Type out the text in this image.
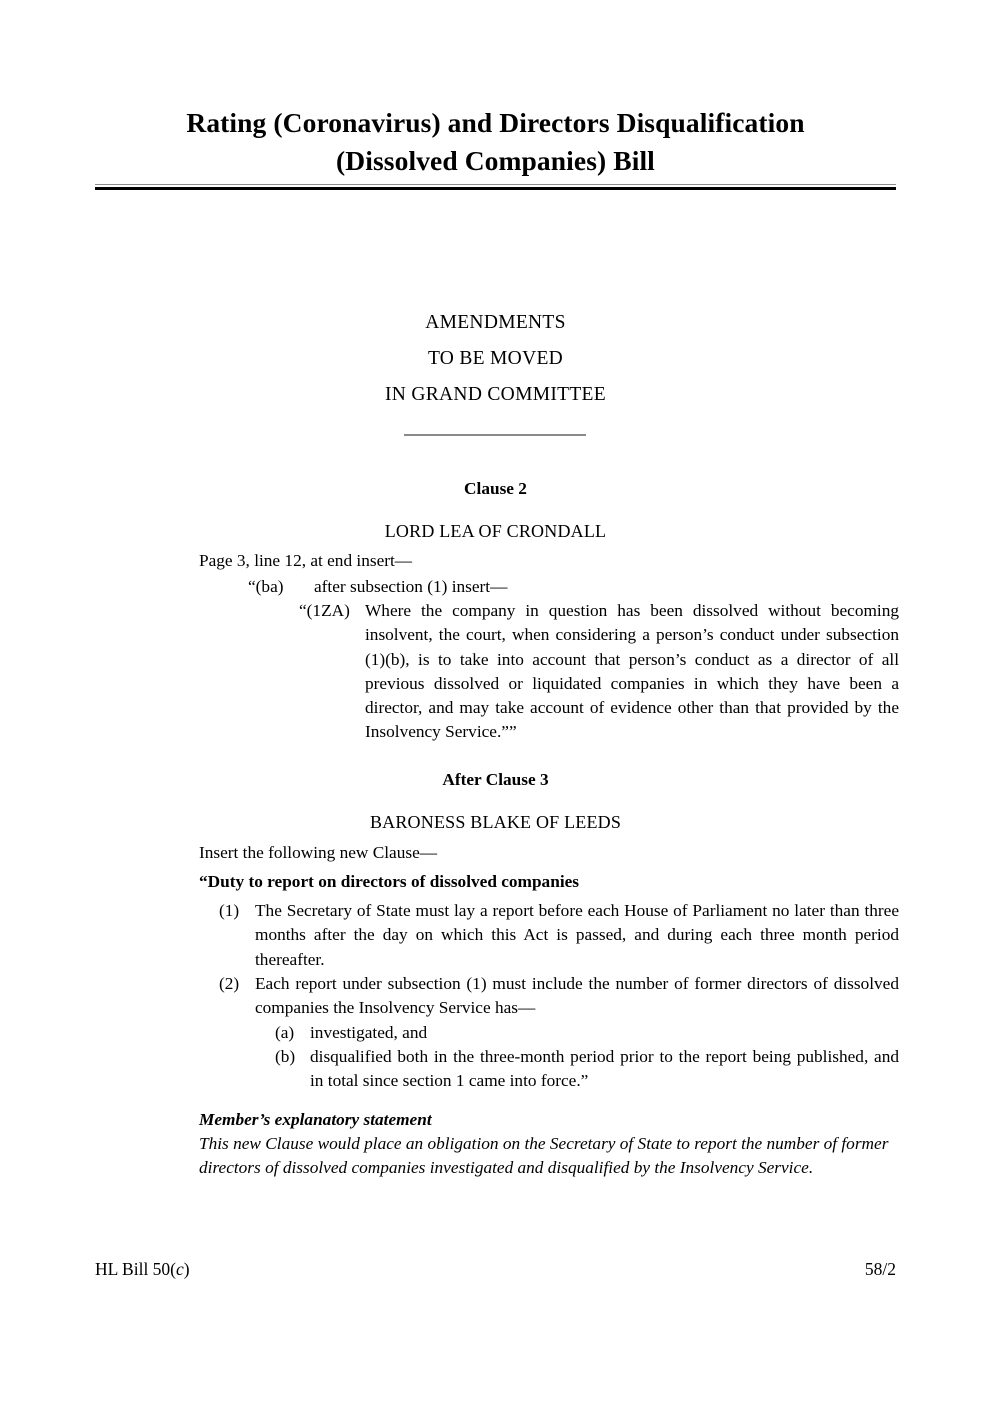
Rating (Coronavirus) and Directors Disqualification
(Dissolved Companies) Bill
AMENDMENTS
TO BE MOVED
IN GRAND COMMITTEE
Clause 2
LORD LEA OF CRONDALL
Page 3, line 12, at end insert—
“(ba)	after subsection (1) insert—
“(1ZA) Where the company in question has been dissolved without becoming insolvent, the court, when considering a person’s conduct under subsection (1)(b), is to take into account that person’s conduct as a director of all previous dissolved or liquidated companies in which they have been a director, and may take account of evidence other than that provided by the Insolvency Service.””
After Clause 3
BARONESS BLAKE OF LEEDS
Insert the following new Clause—
“Duty to report on directors of dissolved companies
(1) The Secretary of State must lay a report before each House of Parliament no later than three months after the day on which this Act is passed, and during each three month period thereafter.
(2) Each report under subsection (1) must include the number of former directors of dissolved companies the Insolvency Service has—
(a) investigated, and
(b) disqualified both in the three-month period prior to the report being published, and in total since section 1 came into force.”
Member’s explanatory statement
This new Clause would place an obligation on the Secretary of State to report the number of former directors of dissolved companies investigated and disqualified by the Insolvency Service.
HL Bill 50(c)	58/2
